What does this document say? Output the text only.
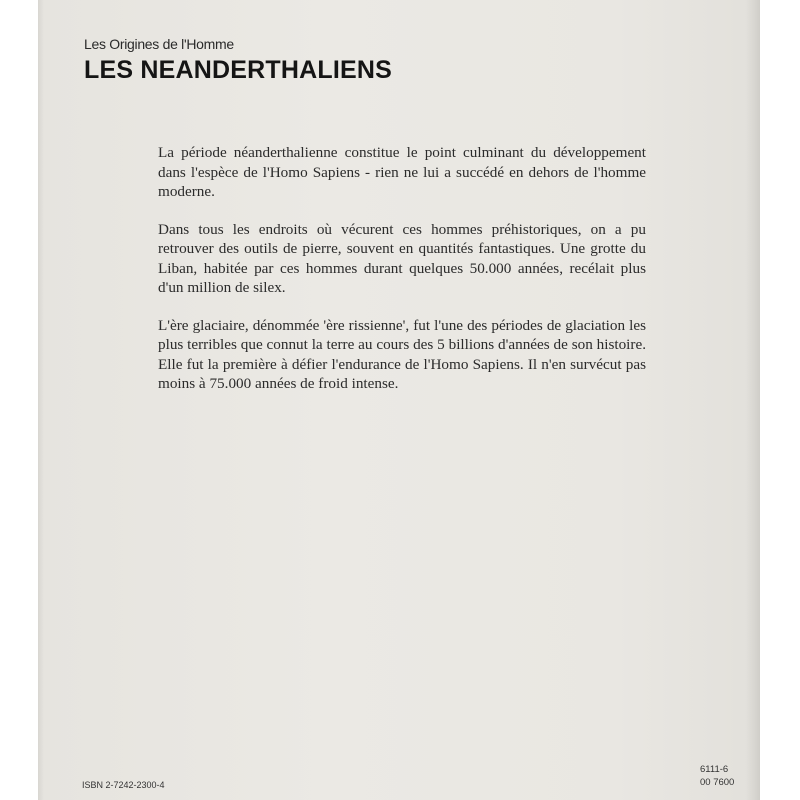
Les Origines de l'Homme
LES NEANDERTHALIENS

La période néanderthalienne constitue le point culminant du développement dans l'espèce de l'Homo Sapiens - rien ne lui a succédé en dehors de l'homme moderne.

Dans tous les endroits où vécurent ces hommes préhistoriques, on a pu retrouver des outils de pierre, souvent en quantités fantastiques. Une grotte du Liban, habitée par ces hommes durant quelques 50.000 années, recélait plus d'un million de silex.

L'ère glaciaire, dénommée 'ère rissienne', fut l'une des périodes de glaciation les plus terribles que connut la terre au cours des 5 billions d'années de son histoire. Elle fut la première à défier l'endurance de l'Homo Sapiens. Il n'en survécut pas moins à 75.000 années de froid intense.

ISBN 2-7242-2300-4
6111-6
00 7600
